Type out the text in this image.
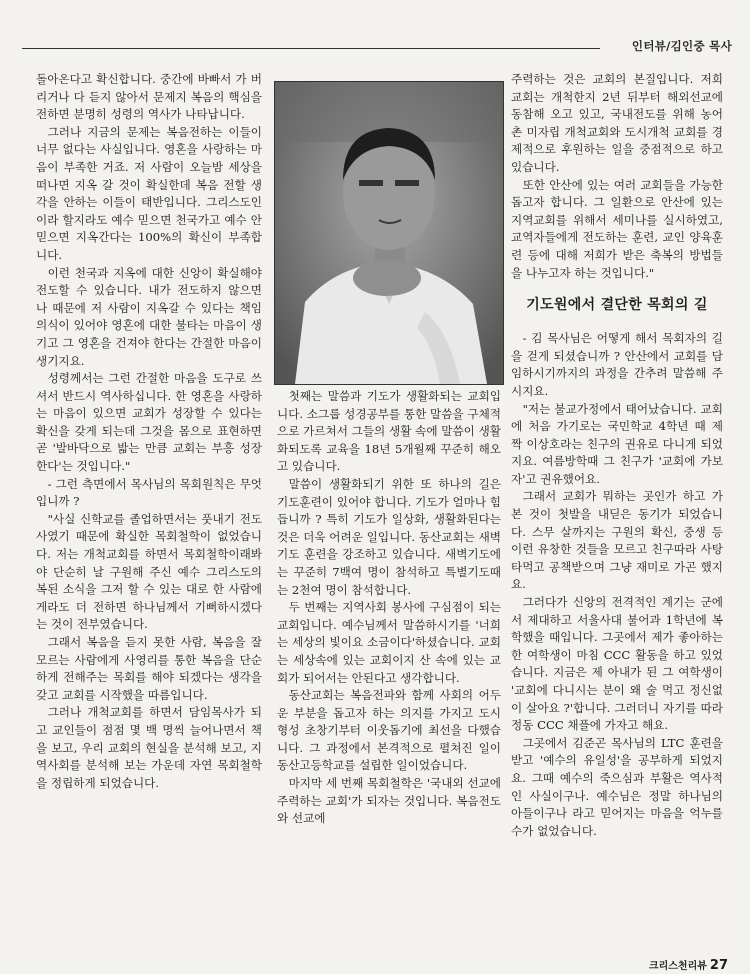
인터뷰/김인중 목사

돌아온다고 확신합니다. 중간에 바빠서 가 버리거나 다 듣지 않아서 문제지 복음의 핵심을 전하면 분명히 성령의 역사가 나타납니다.

그러나 지금의 문제는 복음전하는 이들이 너무 없다는 사실입니다. 영혼을 사랑하는 마음이 부족한 거죠. 저 사람이 오늘밤 세상을 떠나면 지옥 갈 것이 확실한데 복음 전할 생각을 안하는 이들이 태반입니다. 그리스도인이라 할지라도 예수 믿으면 천국가고 예수 안 믿으면 지옥간다는 100%의 확신이 부족합니다.

이런 천국과 지옥에 대한 신앙이 확실해야 전도할 수 있습니다. 내가 전도하지 않으면 나 때문에 저 사람이 지옥갈 수 있다는 책임의식이 있어야 영혼에 대한 불타는 마음이 생기고 그 영혼을 건져야 한다는 간절한 마음이 생기지요.

성령께서는 그런 간절한 마음을 도구로 쓰셔서 반드시 역사하십니다. 한 영혼을 사랑하는 마음이 있으면 교회가 성장할 수 있다는 확신을 갖게 되는데 그것을 몸으로 표현하면 곧 '발바닥으로 밟는 만큼 교회는 부흥 성장한다'는 것입니다."

- 그런 측면에서 목사님의 목회원칙은 무엇입니까 ?

"사실 신학교를 졸업하면서는 풋내기 전도사였기 때문에 확실한 목회철학이 없었습니다. 저는 개척교회를 하면서 목회철학이래봐야 단순히 날 구원해 주신 예수 그리스도의 복된 소식을 그저 할 수 있는 대로 한 사람에게라도 더 전하면 하나님께서 기뻐하시겠다는 것이 전부였습니다.

그래서 복음을 듣지 못한 사람, 복음을 잘 모르는 사람에게 사영리를 통한 복음을 단순하게 전해주는 목회를 해야 되겠다는 생각을 갖고 교회를 시작했을 따름입니다.

그러나 개척교회를 하면서 담임목사가 되고 교인들이 점점 몇 백 명씩 늘어나면서 책을 보고, 우리 교회의 현실을 분석해 보고, 지역사회를 분석해 보는 가운데 자연 목회철학을 정립하게 되었습니다.

첫째는 말씀과 기도가 생활화되는 교회입니다. 소그룹 성경공부를 통한 말씀을 구체적으로 가르쳐서 그들의 생활 속에 말씀이 생활화되도록 교육을 18년 5개월째 꾸준히 해오고 있습니다.

말씀이 생활화되기 위한 또 하나의 길은 기도훈련이 있어야 합니다. 기도가 얼마나 힘듭니까 ? 특히 기도가 일상화, 생활화된다는 것은 더욱 어려운 일입니다. 동산교회는 새벽기도 훈련을 강조하고 있습니다. 새벽기도에는 꾸준히 7백여 명이 참석하고 특별기도때는 2천여 명이 참석합니다.

두 번째는 지역사회 봉사에 구심점이 되는 교회입니다. 예수님께서 말씀하시기를 '너희는 세상의 빛이요 소금이다'하셨습니다. 교회는 세상속에 있는 교회이지 산 속에 있는 교회가 되어서는 안된다고 생각합니다.

동산교회는 복음전파와 함께 사회의 어두운 부분을 돕고자 하는 의지를 가지고 도시 형성 초창기부터 이웃돕기에 최선을 다했습니다. 그 과정에서 본격적으로 펼쳐진 일이 동산고등학교를 설립한 일이었습니다.

마지막 세 번째 목회철학은 '국내외 선교에 주력하는 교회'가 되자는 것입니다. 복음전도와 선교에

주력하는 것은 교회의 본질입니다. 저희 교회는 개척한지 2년 뒤부터 해외선교에 동참해 오고 있고, 국내전도를 위해 농어촌 미자립 개척교회와 도시개척 교회를 경제적으로 후원하는 일을 중점적으로 하고 있습니다.

또한 안산에 있는 여러 교회들을 가능한 돕고자 합니다. 그 일환으로 안산에 있는 지역교회를 위해서 세미나를 실시하였고, 교역자들에게 전도하는 훈련, 교인 양육훈련 등에 대해 저희가 받은 축복의 방법들을 나누고자 하는 것입니다."

기도원에서 결단한 목회의 길

- 김 목사님은 어떻게 해서 목회자의 길을 걷게 되셨습니까 ? 안산에서 교회를 담임하시기까지의 과정을 간추려 말씀해 주시지요.

"저는 불교가정에서 태어났습니다. 교회에 처음 가기로는 국민학교 4학년 때 제 짝 이상호라는 친구의 권유로 다니게 되었지요. 여름방학때 그 친구가 '교회에 가보자'고 권유했어요.

그래서 교회가 뭐하는 곳인가 하고 가 본 것이 첫발을 내딛은 동기가 되었습니다. 스무 살까지는 구원의 확신, 중생 등 이런 유창한 것들을 모르고 친구따라 사탕 타먹고 공책받으며 그냥 재미로 가곤 했지요.

그러다가 신앙의 전격적인 계기는 군에서 제대하고 서울사대 불어과 1학년에 복학했을 때입니다. 그곳에서 제가 좋아하는 한 여학생이 마침 CCC 활동을 하고 있었습니다. 지금은 제 아내가 된 그 여학생이 '교회에 다니시는 분이 왜 술 먹고 정신없이 살아요 ?'합니다. 그러더니 자기를 따라 정동 CCC 채플에 가자고 해요.

그곳에서 김준곤 목사님의 LTC 훈련을 받고 '예수의 유일성'을 공부하게 되었지요. 그때 예수의 죽으심과 부활은 역사적인 사실이구나. 예수님은 정말 하나님의 아들이구나 라고 믿어지는 마음을 억누를 수가 없었습니다.

크리스천리뷰 27
